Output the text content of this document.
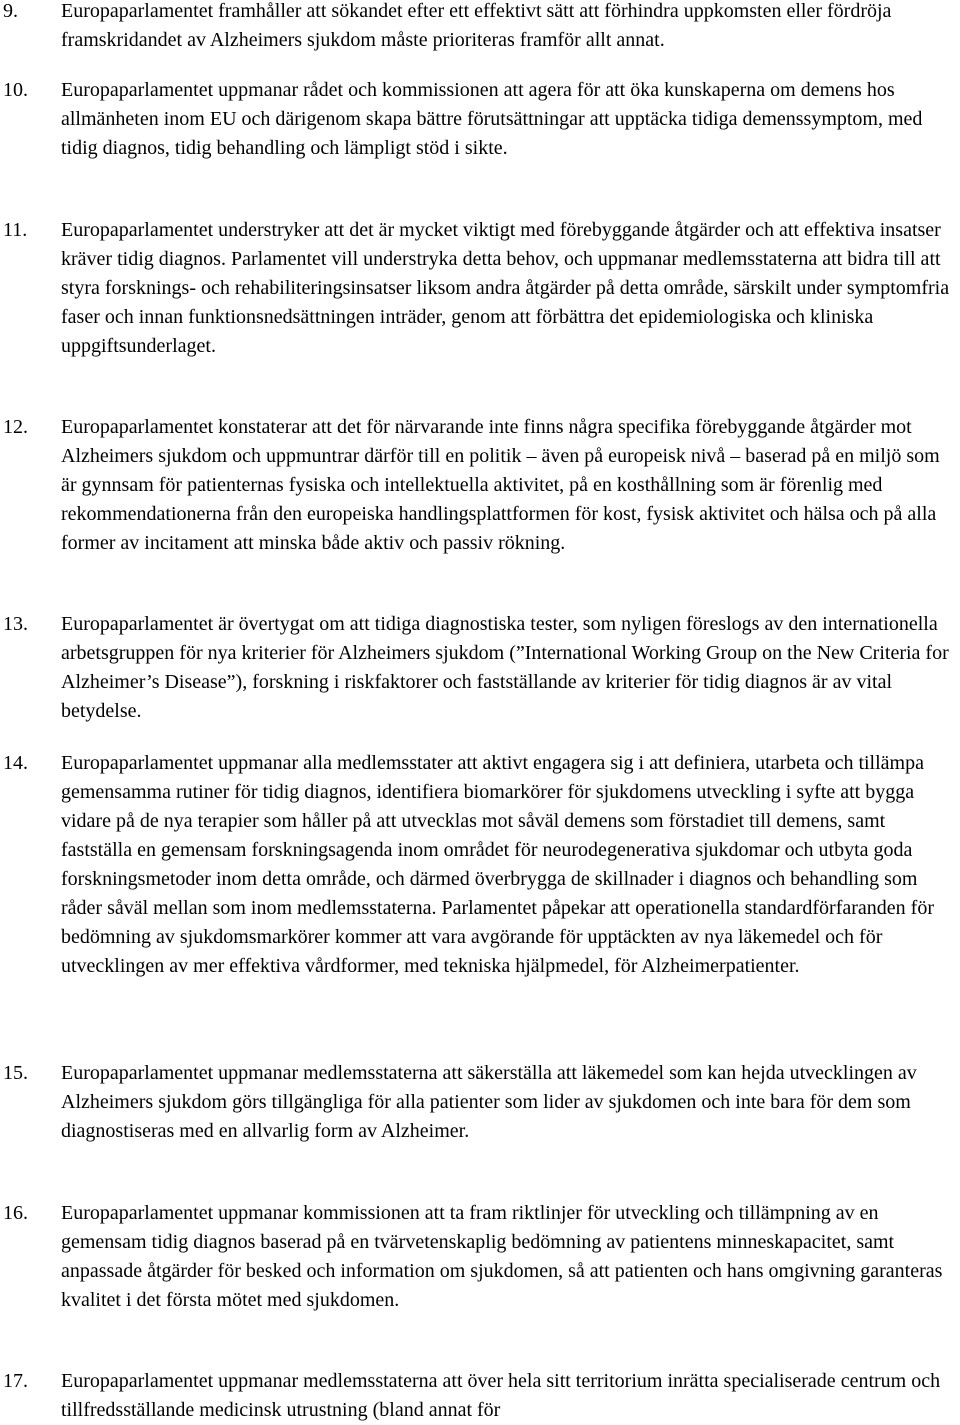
9. Europaparlamentet framhåller att sökandet efter ett effektivt sätt att förhindra uppkomsten eller fördröja framskridandet av Alzheimers sjukdom måste prioriteras framför allt annat.
10. Europaparlamentet uppmanar rådet och kommissionen att agera för att öka kunskaperna om demens hos allmänheten inom EU och därigenom skapa bättre förutsättningar att upptäcka tidiga demenssymptom, med tidig diagnos, tidig behandling och lämpligt stöd i sikte.
11. Europaparlamentet understryker att det är mycket viktigt med förebyggande åtgärder och att effektiva insatser kräver tidig diagnos. Parlamentet vill understryka detta behov, och uppmanar medlemsstaterna att bidra till att styra forsknings- och rehabiliteringsinsatser liksom andra åtgärder på detta område, särskilt under symptomfria faser och innan funktionsnedsättningen inträder, genom att förbättra det epidemiologiska och kliniska uppgiftsunderlaget.
12. Europaparlamentet konstaterar att det för närvarande inte finns några specifika förebyggande åtgärder mot Alzheimers sjukdom och uppmuntrar därför till en politik – även på europeisk nivå – baserad på en miljö som är gynnsam för patienternas fysiska och intellektuella aktivitet, på en kosthållning som är förenlig med rekommendationerna från den europeiska handlingsplattformen för kost, fysisk aktivitet och hälsa och på alla former av incitament att minska både aktiv och passiv rökning.
13. Europaparlamentet är övertygat om att tidiga diagnostiska tester, som nyligen föreslogs av den internationella arbetsgruppen för nya kriterier för Alzheimers sjukdom (”International Working Group on the New Criteria for Alzheimer’s Disease”), forskning i riskfaktorer och fastställande av kriterier för tidig diagnos är av vital betydelse.
14. Europaparlamentet uppmanar alla medlemsstater att aktivt engagera sig i att definiera, utarbeta och tillämpa gemensamma rutiner för tidig diagnos, identifiera biomarkörer för sjukdomens utveckling i syfte att bygga vidare på de nya terapier som håller på att utvecklas mot såväl demens som förstadiet till demens, samt fastställa en gemensam forskningsagenda inom området för neurodegenerativa sjukdomar och utbyta goda forskningsmetoder inom detta område, och därmed överbrygga de skillnader i diagnos och behandling som råder såväl mellan som inom medlemsstaterna. Parlamentet påpekar att operationella standardförfaranden för bedömning av sjukdomsmarkörer kommer att vara avgörande för upptäckten av nya läkemedel och för utvecklingen av mer effektiva vårdformer, med tekniska hjälpmedel, för Alzheimerpatienter.
15. Europaparlamentet uppmanar medlemsstaterna att säkerställa att läkemedel som kan hejda utvecklingen av Alzheimers sjukdom görs tillgängliga för alla patienter som lider av sjukdomen och inte bara för dem som diagnostiseras med en allvarlig form av Alzheimer.
16. Europaparlamentet uppmanar kommissionen att ta fram riktlinjer för utveckling och tillämpning av en gemensam tidig diagnos baserad på en tvärvetenskaplig bedömning av patientens minneskapacitet, samt anpassade åtgärder för besked och information om sjukdomen, så att patienten och hans omgivning garanteras kvalitet i det första mötet med sjukdomen.
17. Europaparlamentet uppmanar medlemsstaterna att över hela sitt territorium inrätta specialiserade centrum och tillfredsställande medicinsk utrustning (bland annat för
